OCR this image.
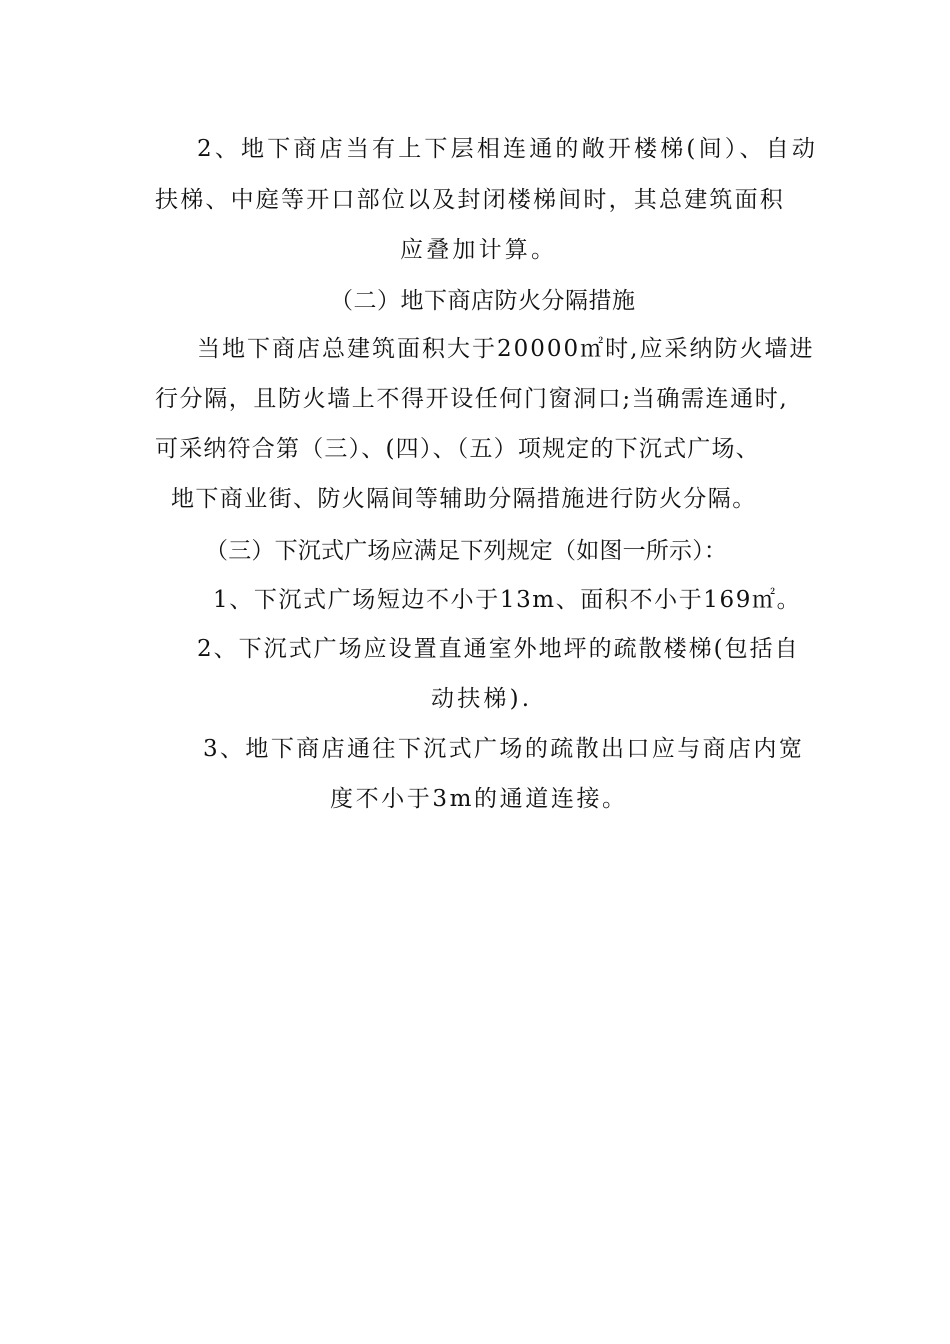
2、地下商店当有上下层相连通的敞开楼梯(间）、自动
扶梯、中庭等开口部位以及封闭楼梯间时，其总建筑面积
应叠加计算。
（二）地下商店防火分隔措施
当地下商店总建筑面积大于20000㎡时,应采纳防火墙进
行分隔，且防火墙上不得开设任何门窗洞口;当确需连通时,
可采纳符合第（三）、(四）、（五）项规定的下沉式广场、
地下商业街、防火隔间等辅助分隔措施进行防火分隔。
（三）下沉式广场应满足下列规定（如图一所示）：
1、下沉式广场短边不小于13m、面积不小于169㎡。
2、下沉式广场应设置直通室外地坪的疏散楼梯(包括自
动扶梯).
3、地下商店通往下沉式广场的疏散出口应与商店内宽
度不小于3m的通道连接。
